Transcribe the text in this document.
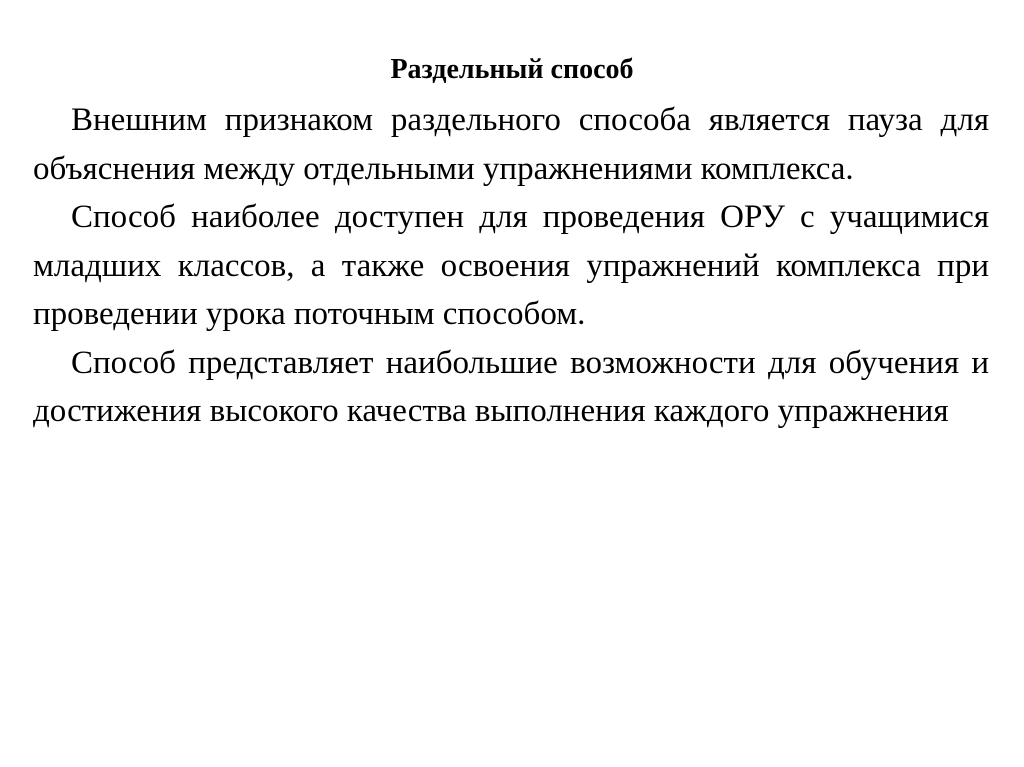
Раздельный способ

Внешним признаком раздельного способа является пауза для объяснения между отдельными упражнениями комплекса.

Способ наиболее доступен для проведения ОРУ с учащимися младших классов, а также освоения упражнений комплекса при проведении урока поточным способом.

Способ представляет наибольшие возможности для обучения и достижения высокого качества выполнения каждого упражнения
